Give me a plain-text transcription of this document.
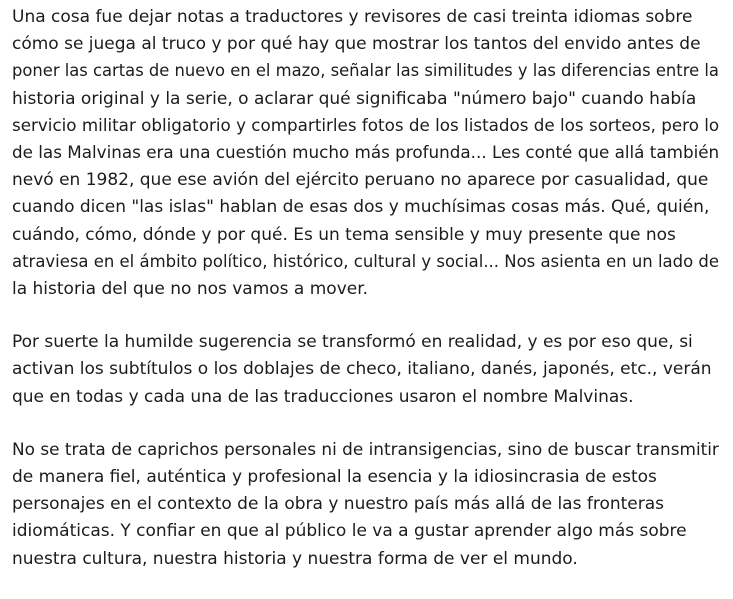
Una cosa fue dejar notas a traductores y revisores de casi treinta idiomas sobre
cómo se juega al truco y por qué hay que mostrar los tantos del envido antes de
poner las cartas de nuevo en el mazo, señalar las similitudes y las diferencias entre la
historia original y la serie, o aclarar qué significaba "número bajo" cuando había
servicio militar obligatorio y compartirles fotos de los listados de los sorteos, pero lo
de las Malvinas era una cuestión mucho más profunda... Les conté que allá también
nevó en 1982, que ese avión del ejército peruano no aparece por casualidad, que
cuando dicen "las islas" hablan de esas dos y muchísimas cosas más. Qué, quién,
cuándo, cómo, dónde y por qué. Es un tema sensible y muy presente que nos
atraviesa en el ámbito político, histórico, cultural y social... Nos asienta en un lado de
la historia del que no nos vamos a mover.

Por suerte la humilde sugerencia se transformó en realidad, y es por eso que, si
activan los subtítulos o los doblajes de checo, italiano, danés, japonés, etc., verán
que en todas y cada una de las traducciones usaron el nombre Malvinas.

No se trata de caprichos personales ni de intransigencias, sino de buscar transmitir
de manera fiel, auténtica y profesional la esencia y la idiosincrasia de estos
personajes en el contexto de la obra y nuestro país más allá de las fronteras
idiomáticas. Y confiar en que al público le va a gustar aprender algo más sobre
nuestra cultura, nuestra historia y nuestra forma de ver el mundo.
